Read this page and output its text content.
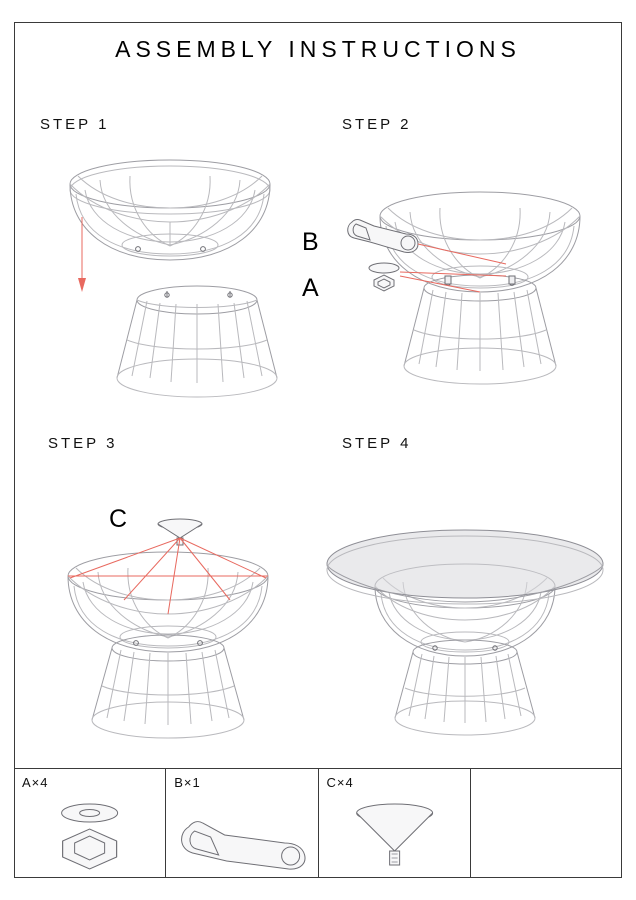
ASSEMBLY INSTRUCTIONS
STEP 1	STEP 2
STEP 3	STEP 4
B
A
C
A×4	B×1	C×4
